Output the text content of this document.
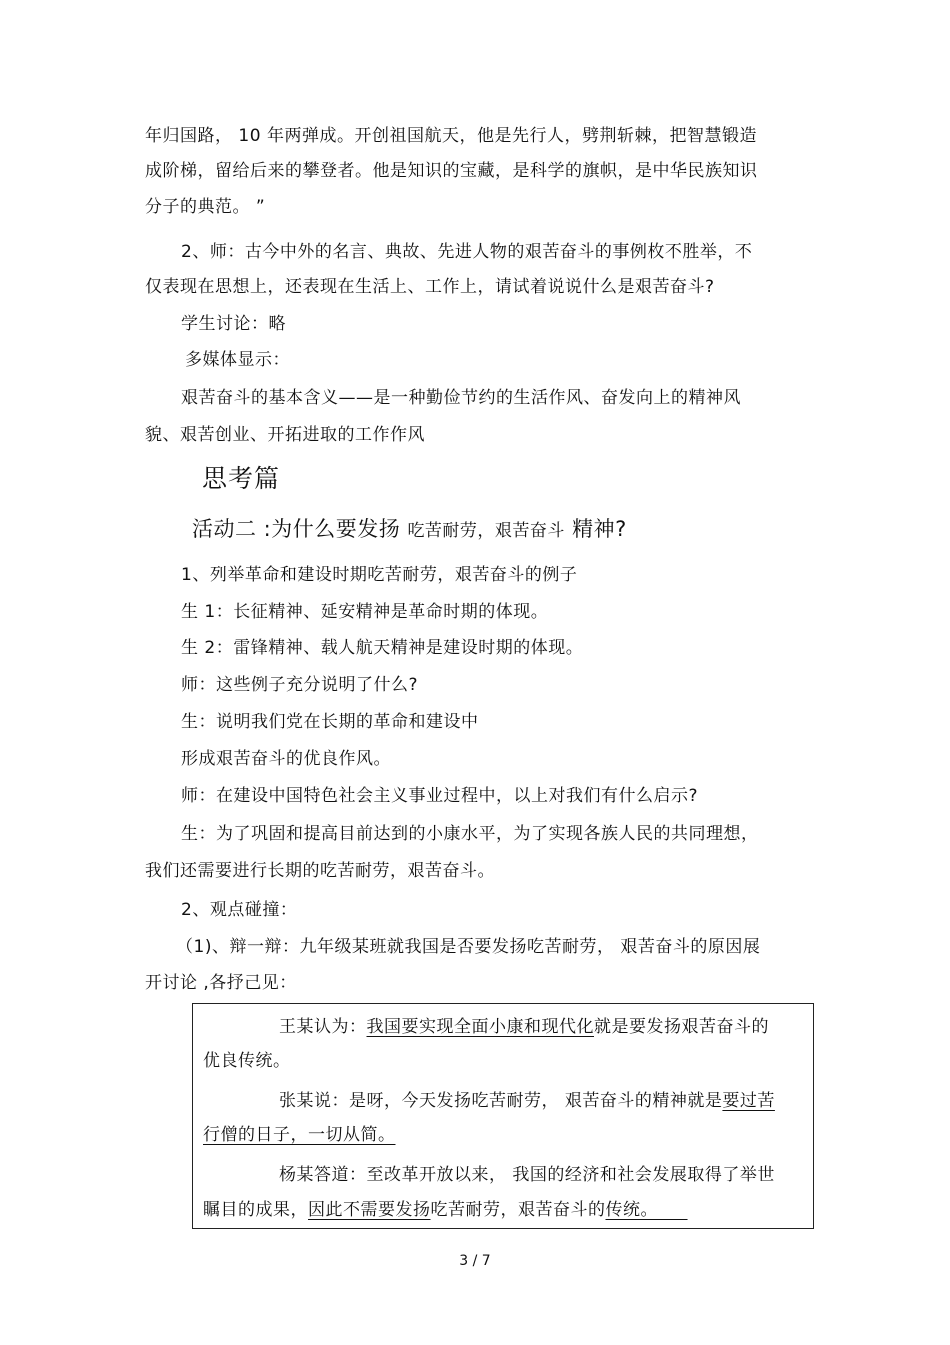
年归国路， 10 年两弹成。开创祖国航天，他是先行人，劈荆斩棘，把智慧锻造
成阶梯，留给后来的攀登者。他是知识的宝藏，是科学的旗帜，是中华民族知识
分子的典范。 ”
2、师：古今中外的名言、典故、先进人物的艰苦奋斗的事例枚不胜举，不
仅表现在思想上，还表现在生活上、工作上，请试着说说什么是艰苦奋斗?
学生讨论：略
多媒体显示：
艰苦奋斗的基本含义——是一种勤俭节约的生活作风、奋发向上的精神风
貌、艰苦创业、开拓进取的工作作风
思考篇
活动二 :为什么要发扬 吃苦耐劳，艰苦奋斗 精神?
1、列举革命和建设时期吃苦耐劳，艰苦奋斗的例子
生 1：长征精神、延安精神是革命时期的体现。
生 2：雷锋精神、载人航天精神是建设时期的体现。
师：这些例子充分说明了什么?
生：说明我们党在长期的革命和建设中
形成艰苦奋斗的优良作风。
师：在建设中国特色社会主义事业过程中，以上对我们有什么启示?
生：为了巩固和提高目前达到的小康水平，为了实现各族人民的共同理想，
我们还需要进行长期的吃苦耐劳，艰苦奋斗。
2、观点碰撞：
（1)、辩一辩：九年级某班就我国是否要发扬吃苦耐劳， 艰苦奋斗的原因展
开讨论 ,各抒己见：
王某认为：我国要实现全面小康和现代化就是要发扬艰苦奋斗的
优良传统。
张某说：是呀，今天发扬吃苦耐劳， 艰苦奋斗的精神就是要过苦
行僧的日子，一切从简。
杨某答道：至改革开放以来， 我国的经济和社会发展取得了举世
瞩目的成果，因此不需要发扬吃苦耐劳，艰苦奋斗的传统。
3 / 7
